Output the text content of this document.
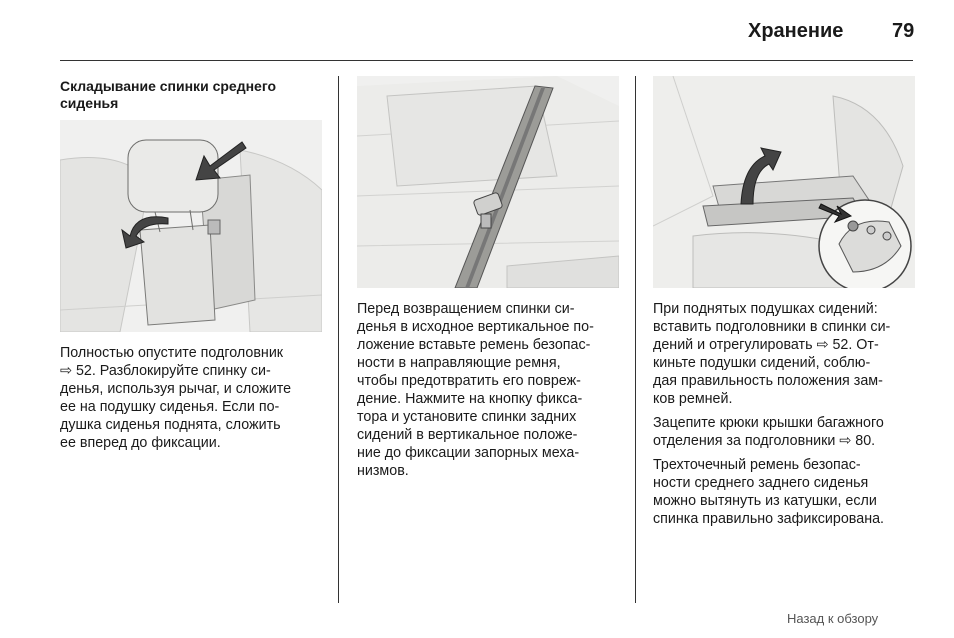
Хранение 79
Складывание спинки среднего сиденья
Полностью опустите подголовник
⇨ 52. Разблокируйте спинку си-
денья, используя рычаг, и сложите
ее на подушку сиденья. Если по-
душка сиденья поднята, сложить
ее вперед до фиксации.
Перед возвращением спинки си-
денья в исходное вертикальное по-
ложение вставьте ремень безопас-
ности в направляющие ремня,
чтобы предотвратить его повреж-
дение. Нажмите на кнопку фикса-
тора и установите спинки задних
сидений в вертикальное положе-
ние до фиксации запорных меха-
низмов.

При поднятых подушках сидений:
вставить подголовники в спинки си-
дений и отрегулировать ⇨ 52. От-
киньте подушки сидений, соблю-
дая правильность положения зам-
ков ремней.

Зацепите крюки крышки багажного
отделения за подголовники ⇨ 80.

Трехточечный ремень безопас-
ности среднего заднего сиденья
можно вытянуть из катушки, если
спинка правильно зафиксирована.

Назад к обзору
